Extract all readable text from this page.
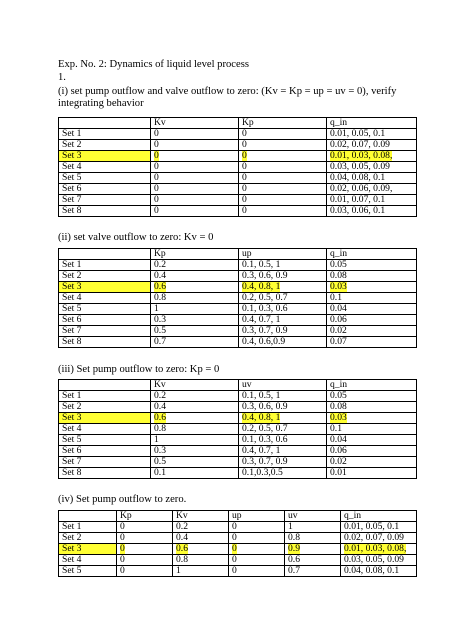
Exp. No. 2: Dynamics of liquid level process
1.
(i) set pump outflow and valve outflow to zero: (Kv = Kp = up = uv = 0), verify integrating behavior
	Kv	Kp	q_in
Set 1	0	0	0.01, 0.05, 0.1
Set 2	0	0	0.02, 0.07, 0.09
Set 3	0	0	0.01, 0.03, 0.08,
Set 4	0	0	0.03, 0.05, 0.09
Set 5	0	0	0.04, 0.08, 0.1
Set 6	0	0	0.02, 0.06, 0.09,
Set 7	0	0	0.01, 0.07, 0.1
Set 8	0	0	0.03, 0.06, 0.1
(ii) set valve outflow to zero: Kv = 0
	Kp	up	q_in
Set 1	0.2	0.1, 0.5, 1	0.05
Set 2	0.4	0.3, 0.6, 0.9	0.08
Set 3	0.6	0.4, 0.8, 1	0.03
Set 4	0.8	0.2, 0.5, 0.7	0.1
Set 5	1	0.1, 0.3, 0.6	0.04
Set 6	0.3	0.4, 0.7, 1	0.06
Set 7	0.5	0.3, 0.7, 0.9	0.02
Set 8	0.7	0.4, 0.6,0.9	0.07
(iii) Set pump outflow to zero: Kp = 0
	Kv	uv	q_in
Set 1	0.2	0.1, 0.5, 1	0.05
Set 2	0.4	0.3, 0.6, 0.9	0.08
Set 3	0.6	0.4, 0.8, 1	0.03
Set 4	0.8	0.2, 0.5, 0.7	0.1
Set 5	1	0.1, 0.3, 0.6	0.04
Set 6	0.3	0.4, 0.7, 1	0.06
Set 7	0.5	0.3, 0.7, 0.9	0.02
Set 8	0.1	0.1,0.3,0.5	0.01
(iv) Set pump outflow to zero.
	Kp	Kv	up	uv	q_in
Set 1	0	0.2	0	1	0.01, 0.05, 0.1
Set 2	0	0.4	0	0.8	0.02, 0.07, 0.09
Set 3	0	0.6	0	0.9	0.01, 0.03, 0.08,
Set 4	0	0.8	0	0.6	0.03, 0.05, 0.09
Set 5	0	1	0	0.7	0.04, 0.08, 0.1
